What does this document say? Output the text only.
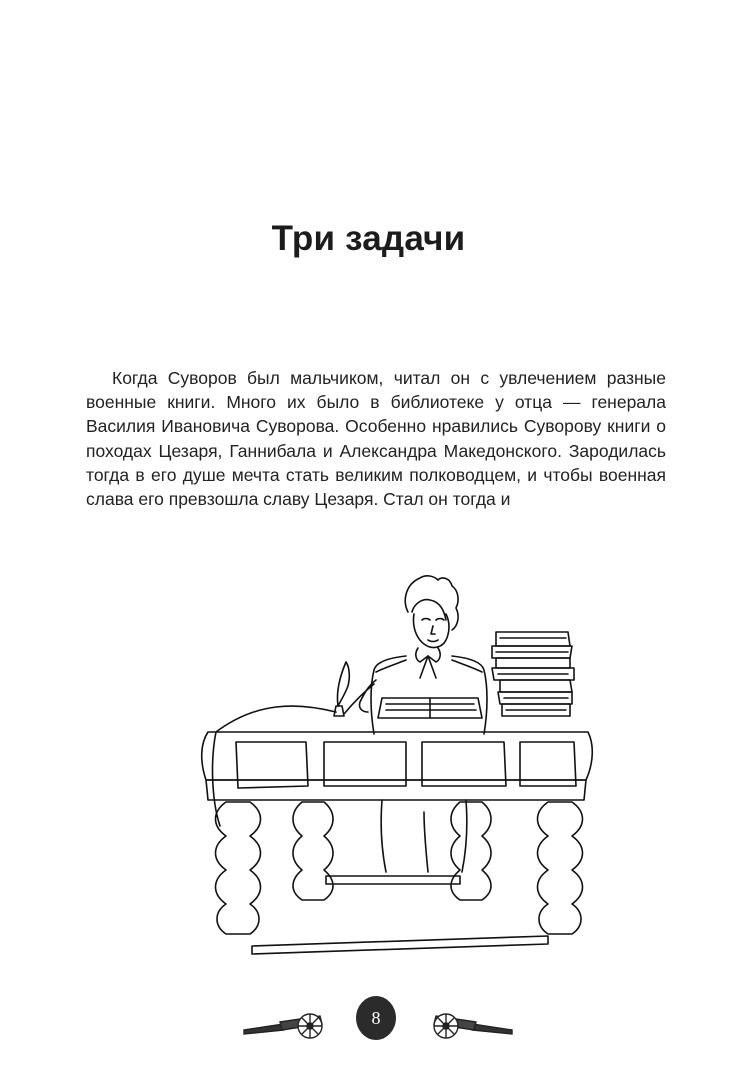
Три задачи

Когда Суворов был мальчиком, читал он с увлечением разные военные книги. Много их было в библиотеке у отца — генерала Василия Ивановича Суворова. Особенно нравились Суворову книги о походах Цезаря, Ганнибала и Александра Македонского. Зародилась тогда в его душе мечта стать великим полководцем, и чтобы военная слава его превзошла славу Цезаря. Стал он тогда и

8
